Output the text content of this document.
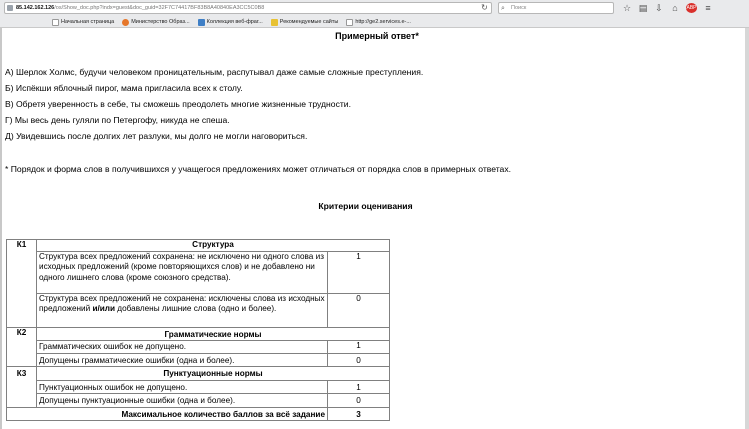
85.142.162.126/os/Show_doc.php?indx=guest&doc_guid=32F7C74417BF83B8A40840EA3CC5C0B8	↻ ⌕ Поиск	☆ ▤ ⇩ ⌂	ABP ≡
Начальная страница	Министерство Образ...	Коллекция веб-фраг...	Рекомендуемые сайты	http://ge2.services.e-...
Примерный ответ*
А) Шерлок Холмс, будучи человеком проницательным, распутывал даже самые сложные преступления.
Б) Испёкши яблочный пирог, мама пригласила всех к столу.
В) Обретя уверенность в себе, ты сможешь преодолеть многие жизненные трудности.
Г) Мы весь день гуляли по Петергофу, никуда не спеша.
Д) Увидевшись после долгих лет разлуки, мы долго не могли наговориться.
* Порядок и форма слов в получившихся у учащегося предложениях может отличаться от порядка слов в примерных ответах.
Критерии оценивания
К1	Структура	
	Структура всех предложений сохранена: не исключено ни одного слова из исходных предложений (кроме повторяющихся слов) и не добавлено ни одного лишнего слова (кроме союзного средства).	1
	Структура всех предложений не сохранена: исключены слова из исходных предложений и/или добавлены лишние слова (одно и более).	0
К2	Грамматические нормы	
	Грамматических ошибок не допущено.	1
	Допущены грамматические ошибки (одна и более).	0
К3	Пунктуационные нормы	
	Пунктуационных ошибок не допущено.	1
	Допущены пунктуационные ошибки (одна и более).	0
Максимальное количество баллов за всё задание		3
